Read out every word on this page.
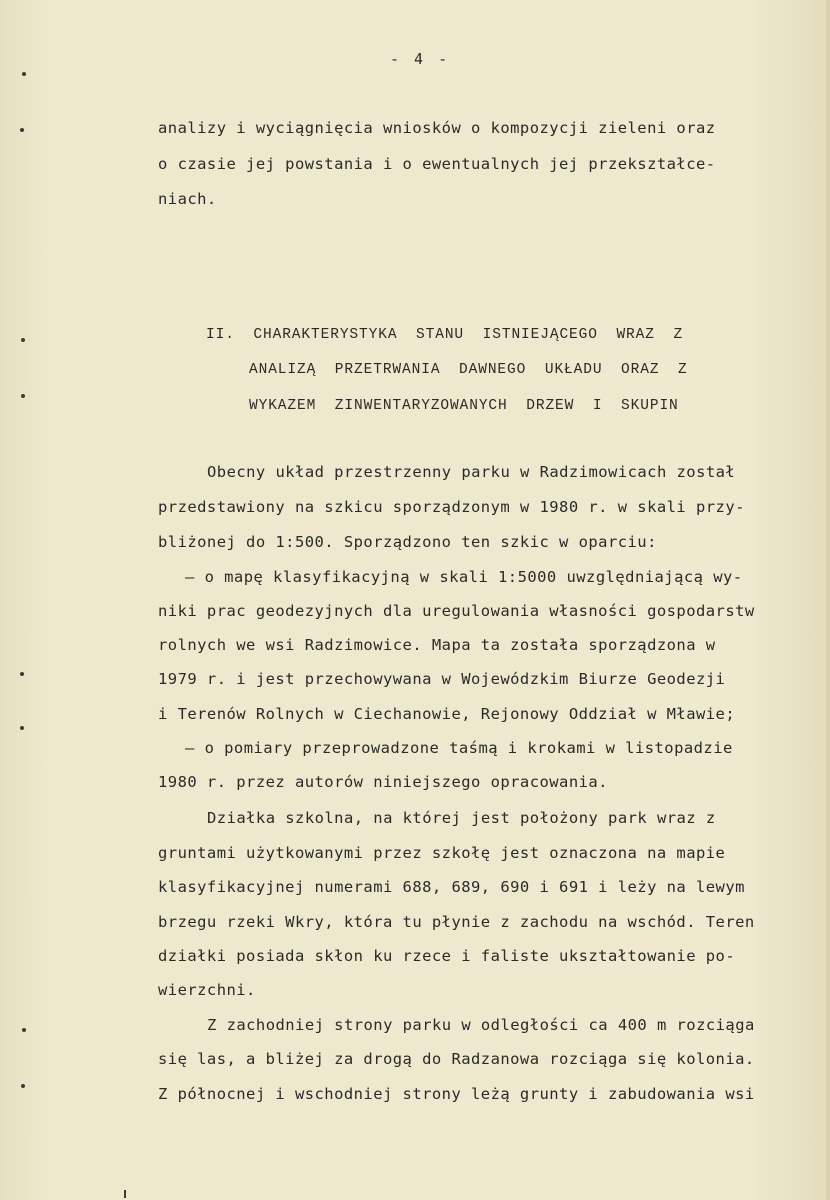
- 4 -
analizy i wyciągnięcia wniosków o kompozycji zieleni oraz
o czasie jej powstania i o ewentualnych jej przekształce-
niach.
II. CHARAKTERYSTYKA STANU ISTNIEJĄCEGO WRAZ Z
ANALIZĄ PRZETRWANIA DAWNEGO UKŁADU ORAZ Z
WYKAZEM ZINWENTARYZOWANYCH DRZEW I SKUPIN
Obecny układ przestrzenny parku w Radzimowicach został
przedstawiony na szkicu sporządzonym w 1980 r. w skali przy-
bliżonej do 1:500. Sporządzono ten szkic w oparciu:
– o mapę klasyfikacyjną w skali 1:5000 uwzględniającą wy-
niki prac geodezyjnych dla uregulowania własności gospodarstw
rolnych we wsi Radzimowice. Mapa ta została sporządzona w
1979 r. i jest przechowywana w Wojewódzkim Biurze Geodezji
i Terenów Rolnych w Ciechanowie, Rejonowy Oddział w Mławie;
– o pomiary przeprowadzone taśmą i krokami w listopadzie
1980 r. przez autorów niniejszego opracowania.
Działka szkolna, na której jest położony park wraz z
gruntami użytkowanymi przez szkołę jest oznaczona na mapie
klasyfikacyjnej numerami 688, 689, 690 i 691 i leży na lewym
brzegu rzeki Wkry, która tu płynie z zachodu na wschód. Teren
działki posiada skłon ku rzece i faliste ukształtowanie po-
wierzchni.
Z zachodniej strony parku w odległości ca 400 m rozciąga
się las, a bliżej za drogą do Radzanowa rozciąga się kolonia.
Z północnej i wschodniej strony leżą grunty i zabudowania wsi
